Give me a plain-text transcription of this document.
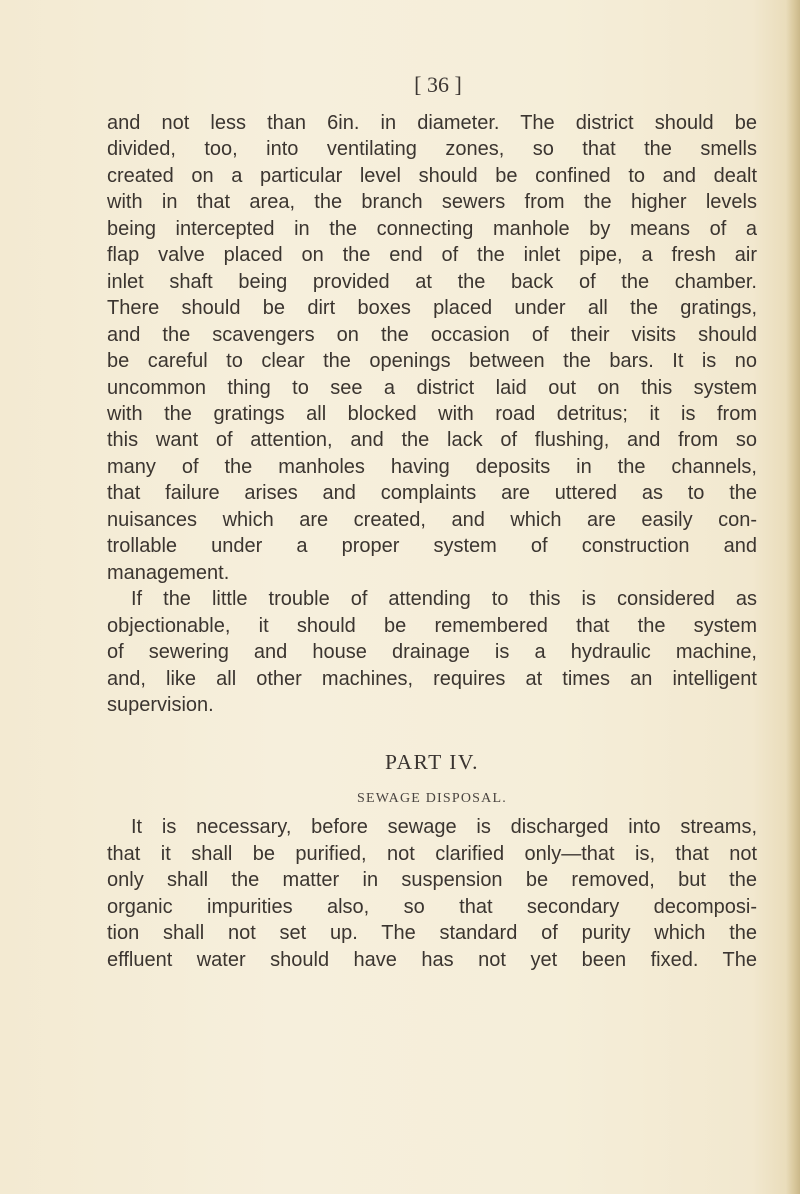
[ 36 ]
and not less than 6in. in diameter. The district should be
divided, too, into ventilating zones, so that the smells
created on a particular level should be confined to and dealt
with in that area, the branch sewers from the higher levels
being intercepted in the connecting manhole by means of a
flap valve placed on the end of the inlet pipe, a fresh air
inlet shaft being provided at the back of the chamber.
There should be dirt boxes placed under all the gratings,
and the scavengers on the occasion of their visits should
be careful to clear the openings between the bars. It is no
uncommon thing to see a district laid out on this system
with the gratings all blocked with road detritus; it is from
this want of attention, and the lack of flushing, and from so
many of the manholes having deposits in the channels,
that failure arises and complaints are uttered as to the
nuisances which are created, and which are easily con-
trollable under a proper system of construction and
management.
If the little trouble of attending to this is considered as
objectionable, it should be remembered that the system
of sewering and house drainage is a hydraulic machine,
and, like all other machines, requires at times an intelligent
supervision.
PART IV.
SEWAGE DISPOSAL.
It is necessary, before sewage is discharged into streams,
that it shall be purified, not clarified only—that is, that not
only shall the matter in suspension be removed, but the
organic impurities also, so that secondary decomposi-
tion shall not set up. The standard of purity which the
effluent water should have has not yet been fixed. The
